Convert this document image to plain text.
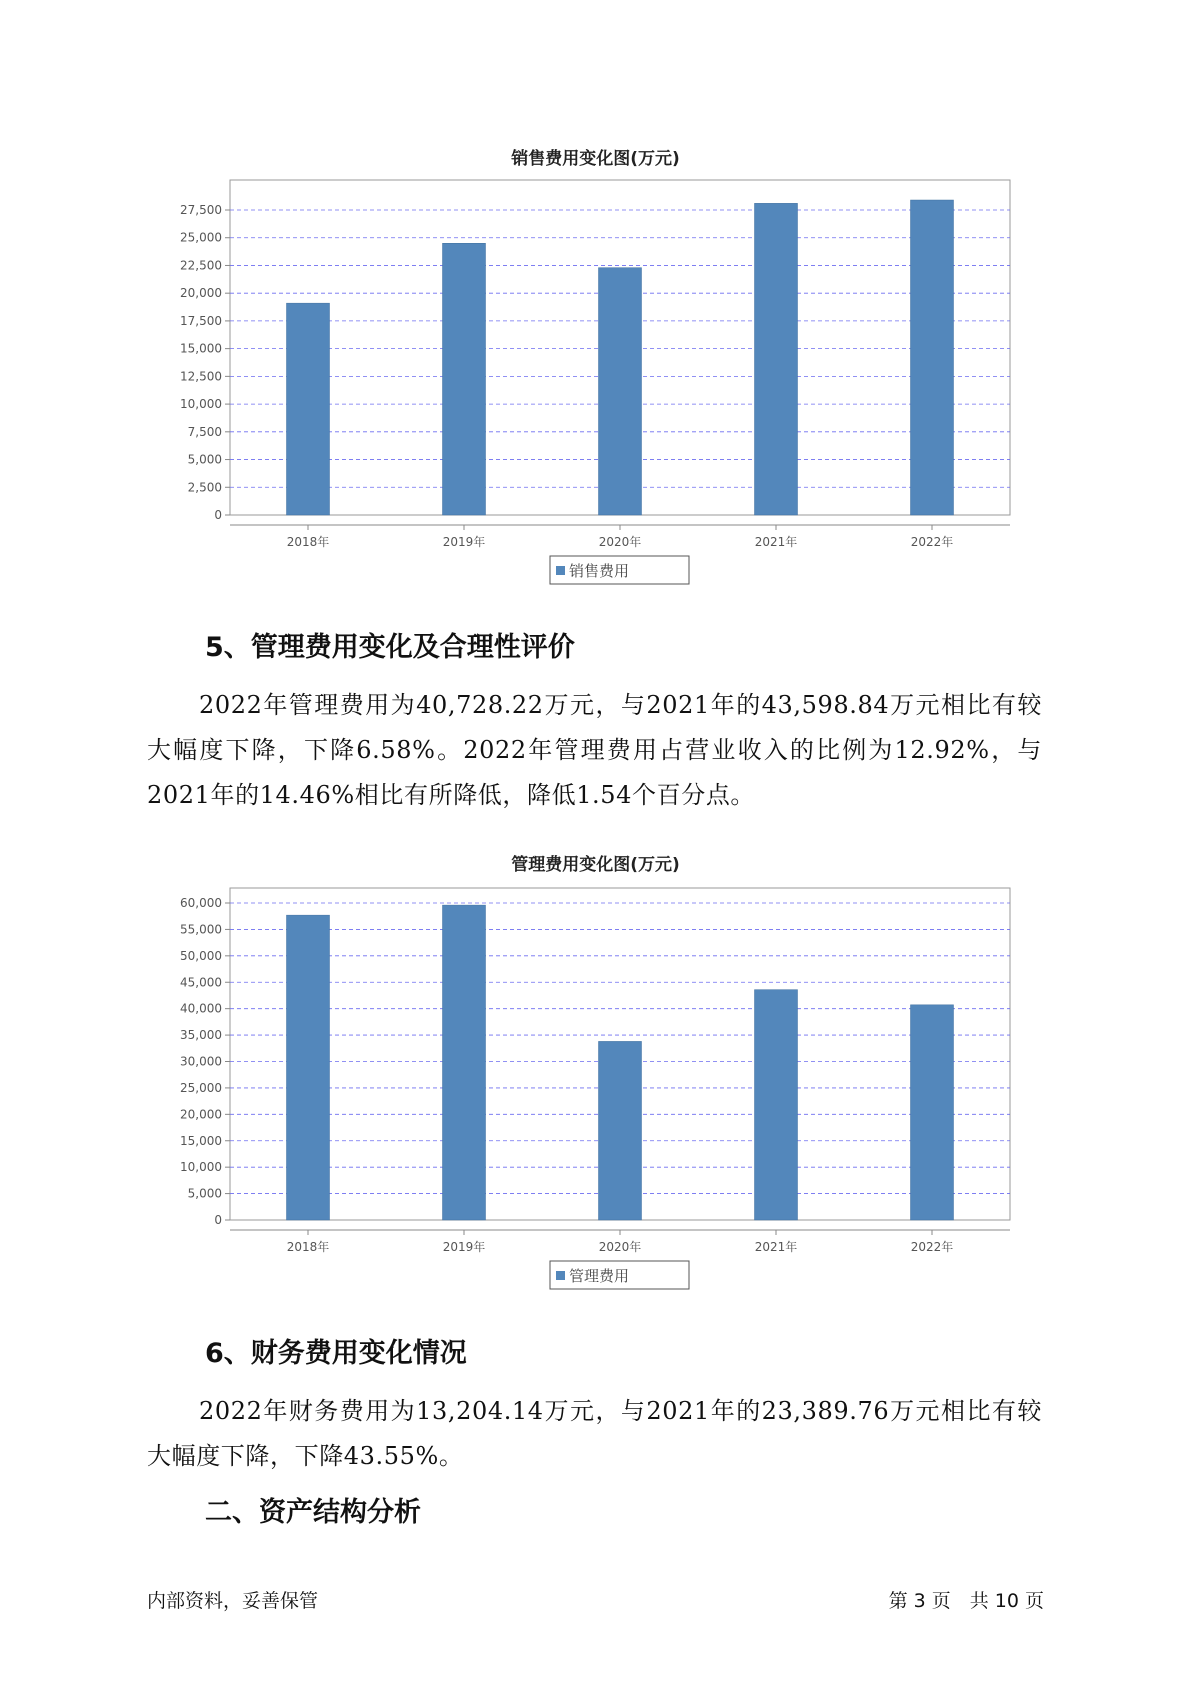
销售费用变化图(万元)
0
2,500
5,000
7,500
10,000
12,500
15,000
17,500
20,000
22,500
25,000
27,500
2018年	2019年	2020年	2021年	2022年
销售费用
5、管理费用变化及合理性评价

2022年管理费用为40,728.22万元，与2021年的43,598.84万元相比有较大幅度下降，下降6.58%。2022年管理费用占营业收入的比例为12.92%，与2021年的14.46%相比有所降低，降低1.54个百分点。

管理费用变化图(万元)
0
5,000
10,000
15,000
20,000
25,000
30,000
35,000
40,000
45,000
50,000
55,000
60,000
2018年	2019年	2020年	2021年	2022年
管理费用
6、财务费用变化情况

2022年财务费用为13,204.14万元，与2021年的23,389.76万元相比有较大幅度下降，下降43.55%。

二、资产结构分析
内部资料，妥善保管	第 3 页　共 10 页
